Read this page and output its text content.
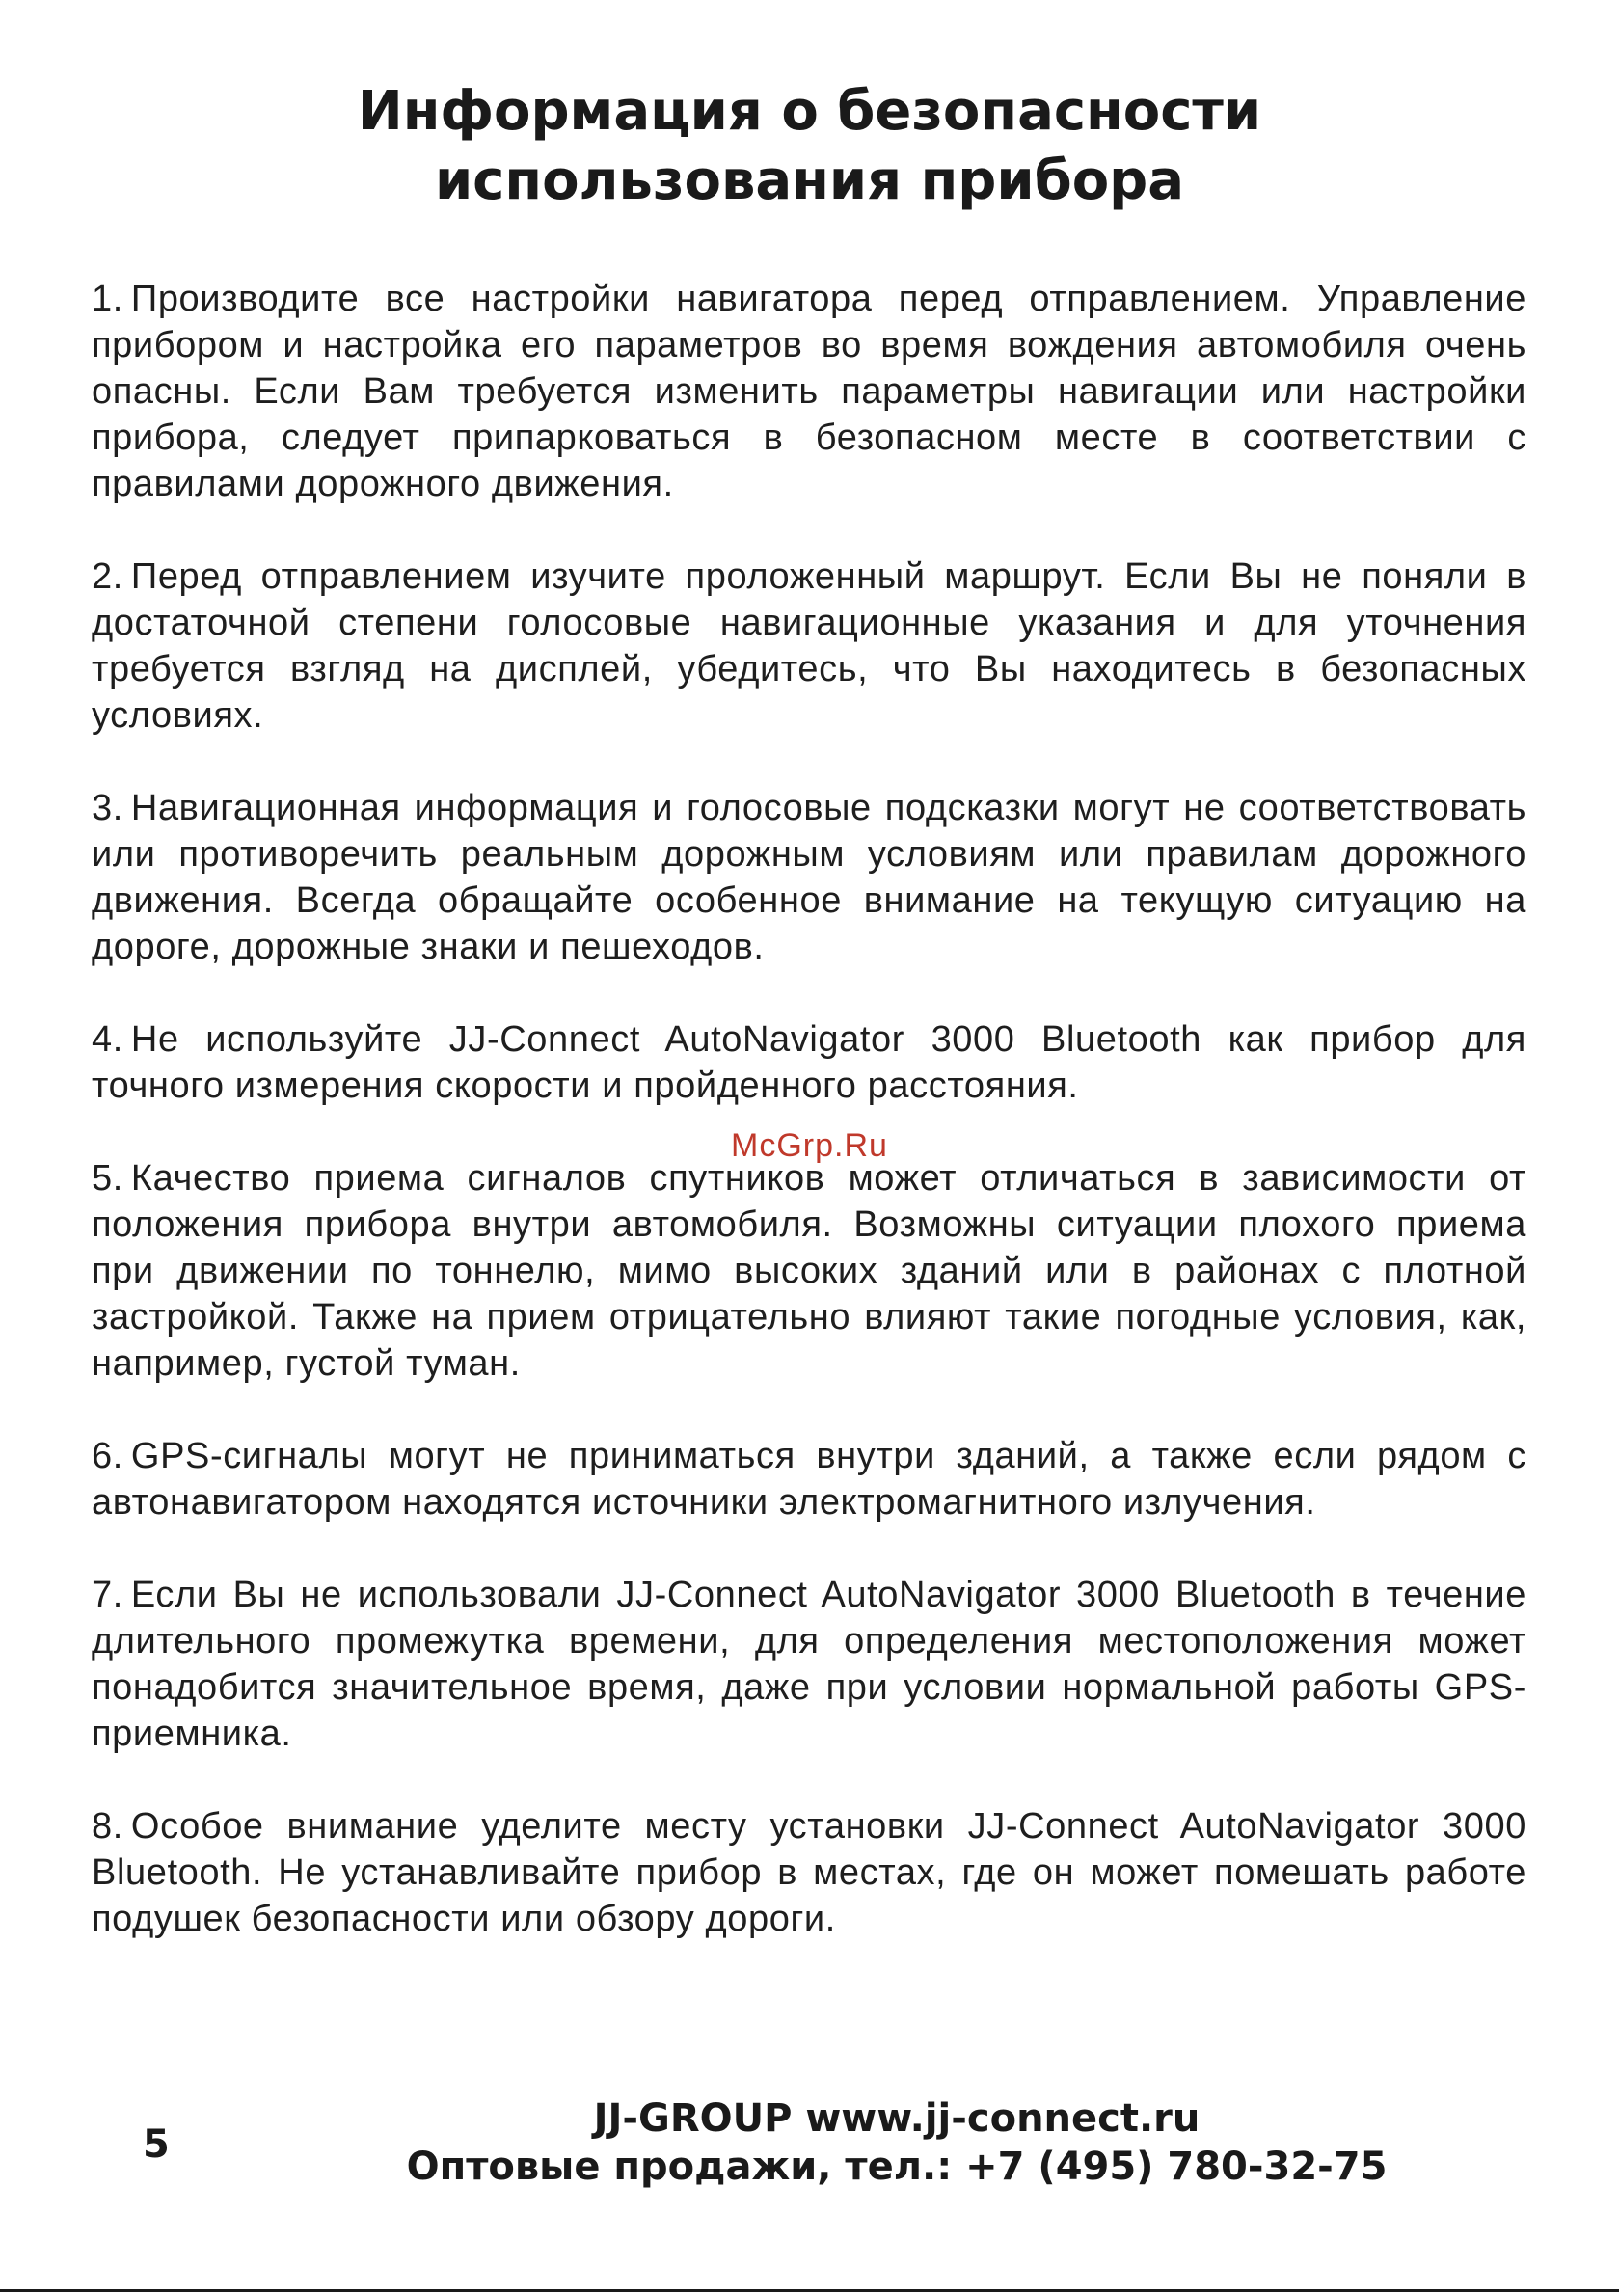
Информация о безопасности
использования прибора

1. Производите все настройки навигатора перед отправлением. Управление прибором и настройка его параметров во время вождения автомобиля очень опасны. Если Вам требуется изменить параметры навигации или настройки прибора, следует припарковаться в безопасном месте в соответствии с правилами дорожного движения.

2. Перед отправлением изучите проложенный маршрут. Если Вы не поняли в достаточной степени голосовые навигационные указания и для уточнения требуется взгляд на дисплей, убедитесь, что Вы находитесь в безопасных условиях.

3. Навигационная информация и голосовые подсказки могут не соответствовать или противоречить реальным дорожным условиям или правилам дорожного движения. Всегда обращайте особенное внимание на текущую ситуацию на дороге, дорожные знаки и пешеходов.

4. Не используйте JJ-Connect AutoNavigator 3000 Bluetooth как прибор для точного измерения скорости и пройденного расстояния.

5. Качество приема сигналов спутников может отличаться в зависимости от положения прибора внутри автомобиля. Возможны ситуации плохого приема при движении по тоннелю, мимо высоких зданий или в районах с плотной застройкой. Также на прием отрицательно влияют такие погодные условия, как, например, густой туман.

6. GPS-сигналы могут не приниматься внутри зданий, а также если рядом с автонавигатором находятся источники электромагнитного излучения.

7. Если Вы не использовали JJ-Connect AutoNavigator 3000 Bluetooth в течение длительного промежутка времени, для определения местоположения может понадобится значительное время, даже при условии нормальной работы GPS-приемника.

8. Особое внимание уделите месту установки JJ-Connect AutoNavigator 3000 Bluetooth. Не устанавливайте прибор в местах, где он может помешать работе подушек безопасности или обзору дороги.

McGrp.Ru
5
JJ-GROUP www.jj-connect.ru
Оптовые продажи, тел.: +7 (495) 780-32-75
